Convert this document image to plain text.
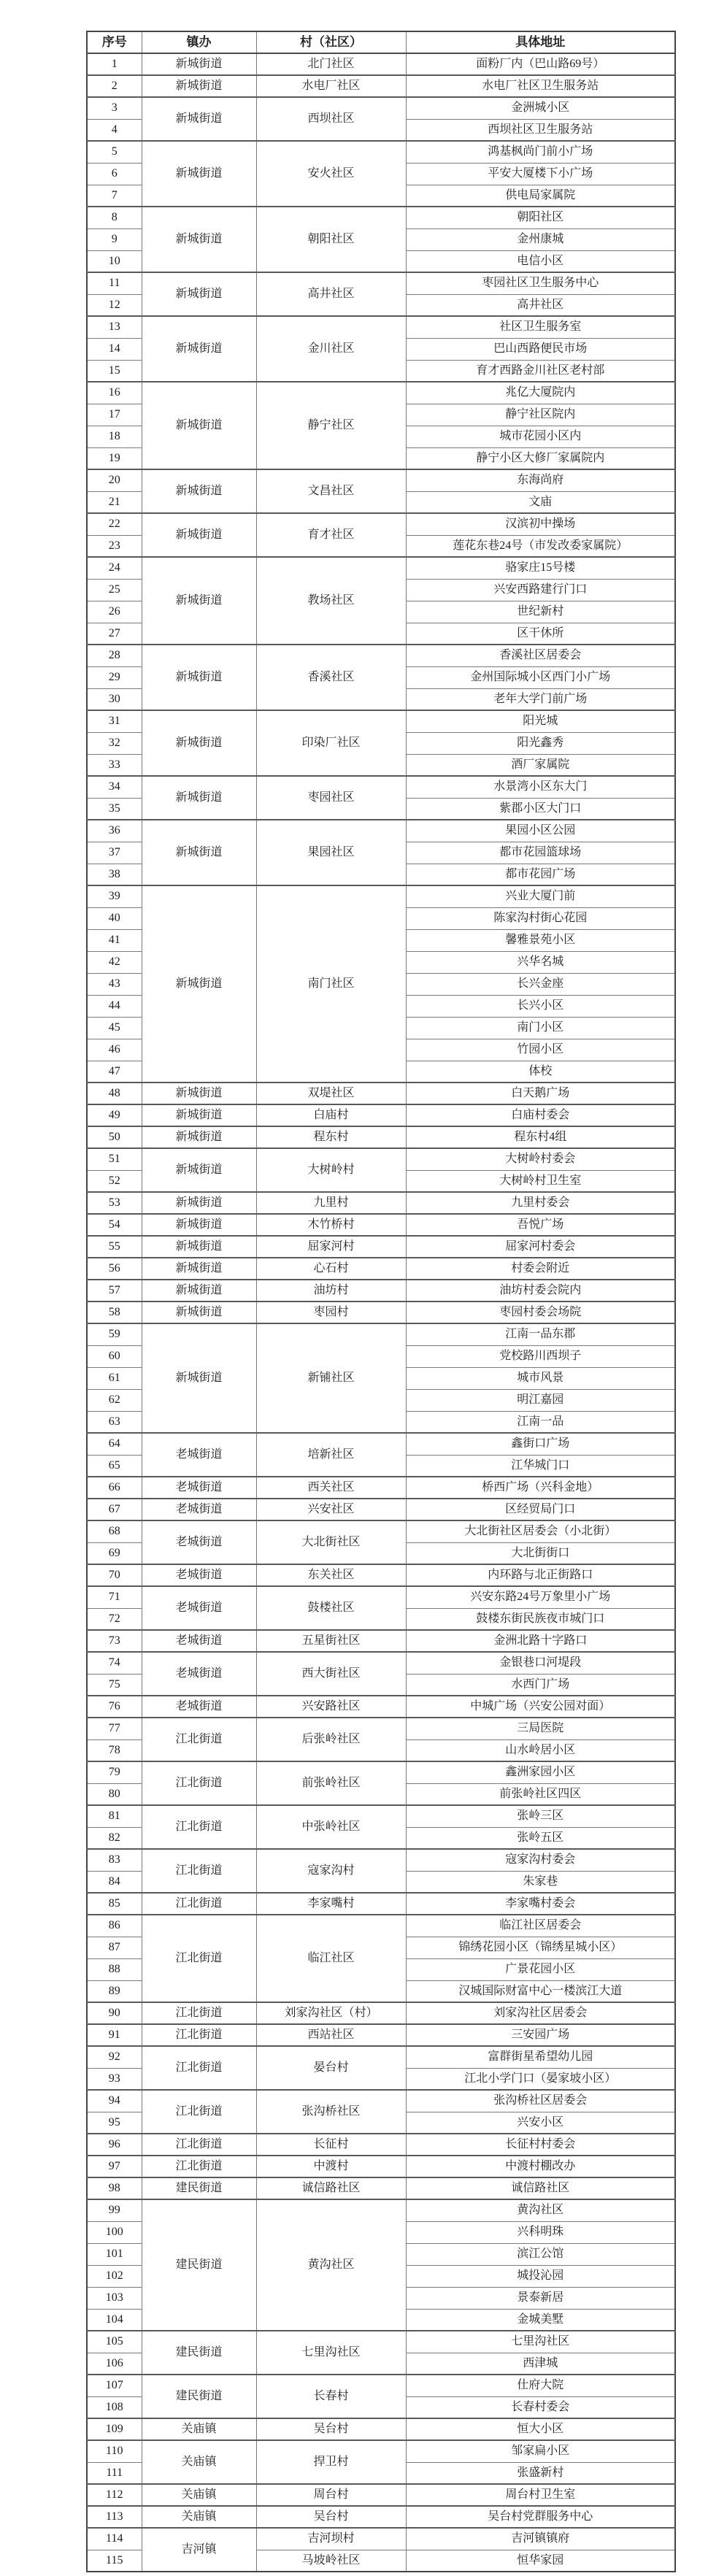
序号	镇办	村（社区）	具体地址
1	新城街道	北门社区	面粉厂内（巴山路69号）
2	新城街道	水电厂社区	水电厂社区卫生服务站
3	新城街道	西坝社区	金洲城小区
4			西坝社区卫生服务站
5	新城街道	安火社区	鸿基枫尚门前小广场
6			平安大厦楼下小广场
7			供电局家属院
8	新城街道	朝阳社区	朝阳社区
9			金州康城
10			电信小区
11	新城街道	高井社区	枣园社区卫生服务中心
12			高井社区
13	新城街道	金川社区	社区卫生服务室
14			巴山西路便民市场
15			育才西路金川社区老村部
16	新城街道	静宁社区	兆亿大厦院内
17			静宁社区院内
18			城市花园小区内
19			静宁小区大修厂家属院内
20	新城街道	文昌社区	东海尚府
21			文庙
22	新城街道	育才社区	汉滨初中操场
23			莲花东巷24号（市发改委家属院）
24	新城街道	教场社区	骆家庄15号楼
25			兴安西路建行门口
26			世纪新村
27			区干休所
28	新城街道	香溪社区	香溪社区居委会
29			金州国际城小区西门小广场
30			老年大学门前广场
31	新城街道	印染厂社区	阳光城
32			阳光鑫秀
33			酒厂家属院
34	新城街道	枣园社区	水景湾小区东大门
35			紫郡小区大门口
36	新城街道	果园社区	果园小区公园
37			都市花园篮球场
38			都市花园广场
39	新城街道	南门社区	兴业大厦门前
40			陈家沟村街心花园
41			馨雅景苑小区
42			兴华名城
43			长兴金座
44			长兴小区
45			南门小区
46			竹园小区
47			体校
48	新城街道	双堤社区	白天鹅广场
49	新城街道	白庙村	白庙村委会
50	新城街道	程东村	程东村4组
51	新城街道	大树岭村	大树岭村委会
52			大树岭村卫生室
53	新城街道	九里村	九里村委会
54	新城街道	木竹桥村	吾悦广场
55	新城街道	屈家河村	屈家河村委会
56	新城街道	心石村	村委会附近
57	新城街道	油坊村	油坊村委会院内
58	新城街道	枣园村	枣园村委会场院
59	新城街道	新铺社区	江南一品东郡
60			党校路川西坝子
61			城市风景
62			明江嘉园
63			江南一品
64	老城街道	培新社区	鑫街口广场
65			江华城门口
66	老城街道	西关社区	桥西广场（兴科金地）
67	老城街道	兴安社区	区经贸局门口
68	老城街道	大北街社区	大北街社区居委会（小北街）
69			大北街街口
70	老城街道	东关社区	内环路与北正街路口
71	老城街道	鼓楼社区	兴安东路24号万象里小广场
72			鼓楼东街民族夜市城门口
73	老城街道	五星街社区	金洲北路十字路口
74	老城街道	西大街社区	金银巷口河堤段
75			水西门广场
76	老城街道	兴安路社区	中城广场（兴安公园对面）
77	江北街道	后张岭社区	三局医院
78			山水岭居小区
79	江北街道	前张岭社区	鑫洲家园小区
80			前张岭社区四区
81	江北街道	中张岭社区	张岭三区
82			张岭五区
83	江北街道	寇家沟村	寇家沟村委会
84			朱家巷
85	江北街道	李家嘴村	李家嘴村委会
86	江北街道	临江社区	临江社区居委会
87			锦绣花园小区（锦绣星城小区）
88			广景花园小区
89			汉城国际财富中心一楼滨江大道
90	江北街道	刘家沟社区（村）	刘家沟社区居委会
91	江北街道	西站社区	三安园广场
92	江北街道	晏台村	富群街星希望幼儿园
93			江北小学门口（晏家坡小区）
94	江北街道	张沟桥社区	张沟桥社区居委会
95			兴安小区
96	江北街道	长征村	长征村村委会
97	江北街道	中渡村	中渡村棚改办
98	建民街道	诚信路社区	诚信路社区
99	建民街道	黄沟社区	黄沟社区
100			兴科明珠
101			滨江公馆
102			城投沁园
103			景泰新居
104			金城美墅
105	建民街道	七里沟社区	七里沟社区
106			西津城
107	建民街道	长春村	仕府大院
108			长春村委会
109	关庙镇	吴台村	恒大小区
110	关庙镇	捍卫村	邹家扁小区
111			张盛新村
112	关庙镇	周台村	周台村卫生室
113	关庙镇	吴台村	吴台村党群服务中心
114	吉河镇	吉河坝村	吉河镇镇府
115		马坡岭社区	恒华家园
